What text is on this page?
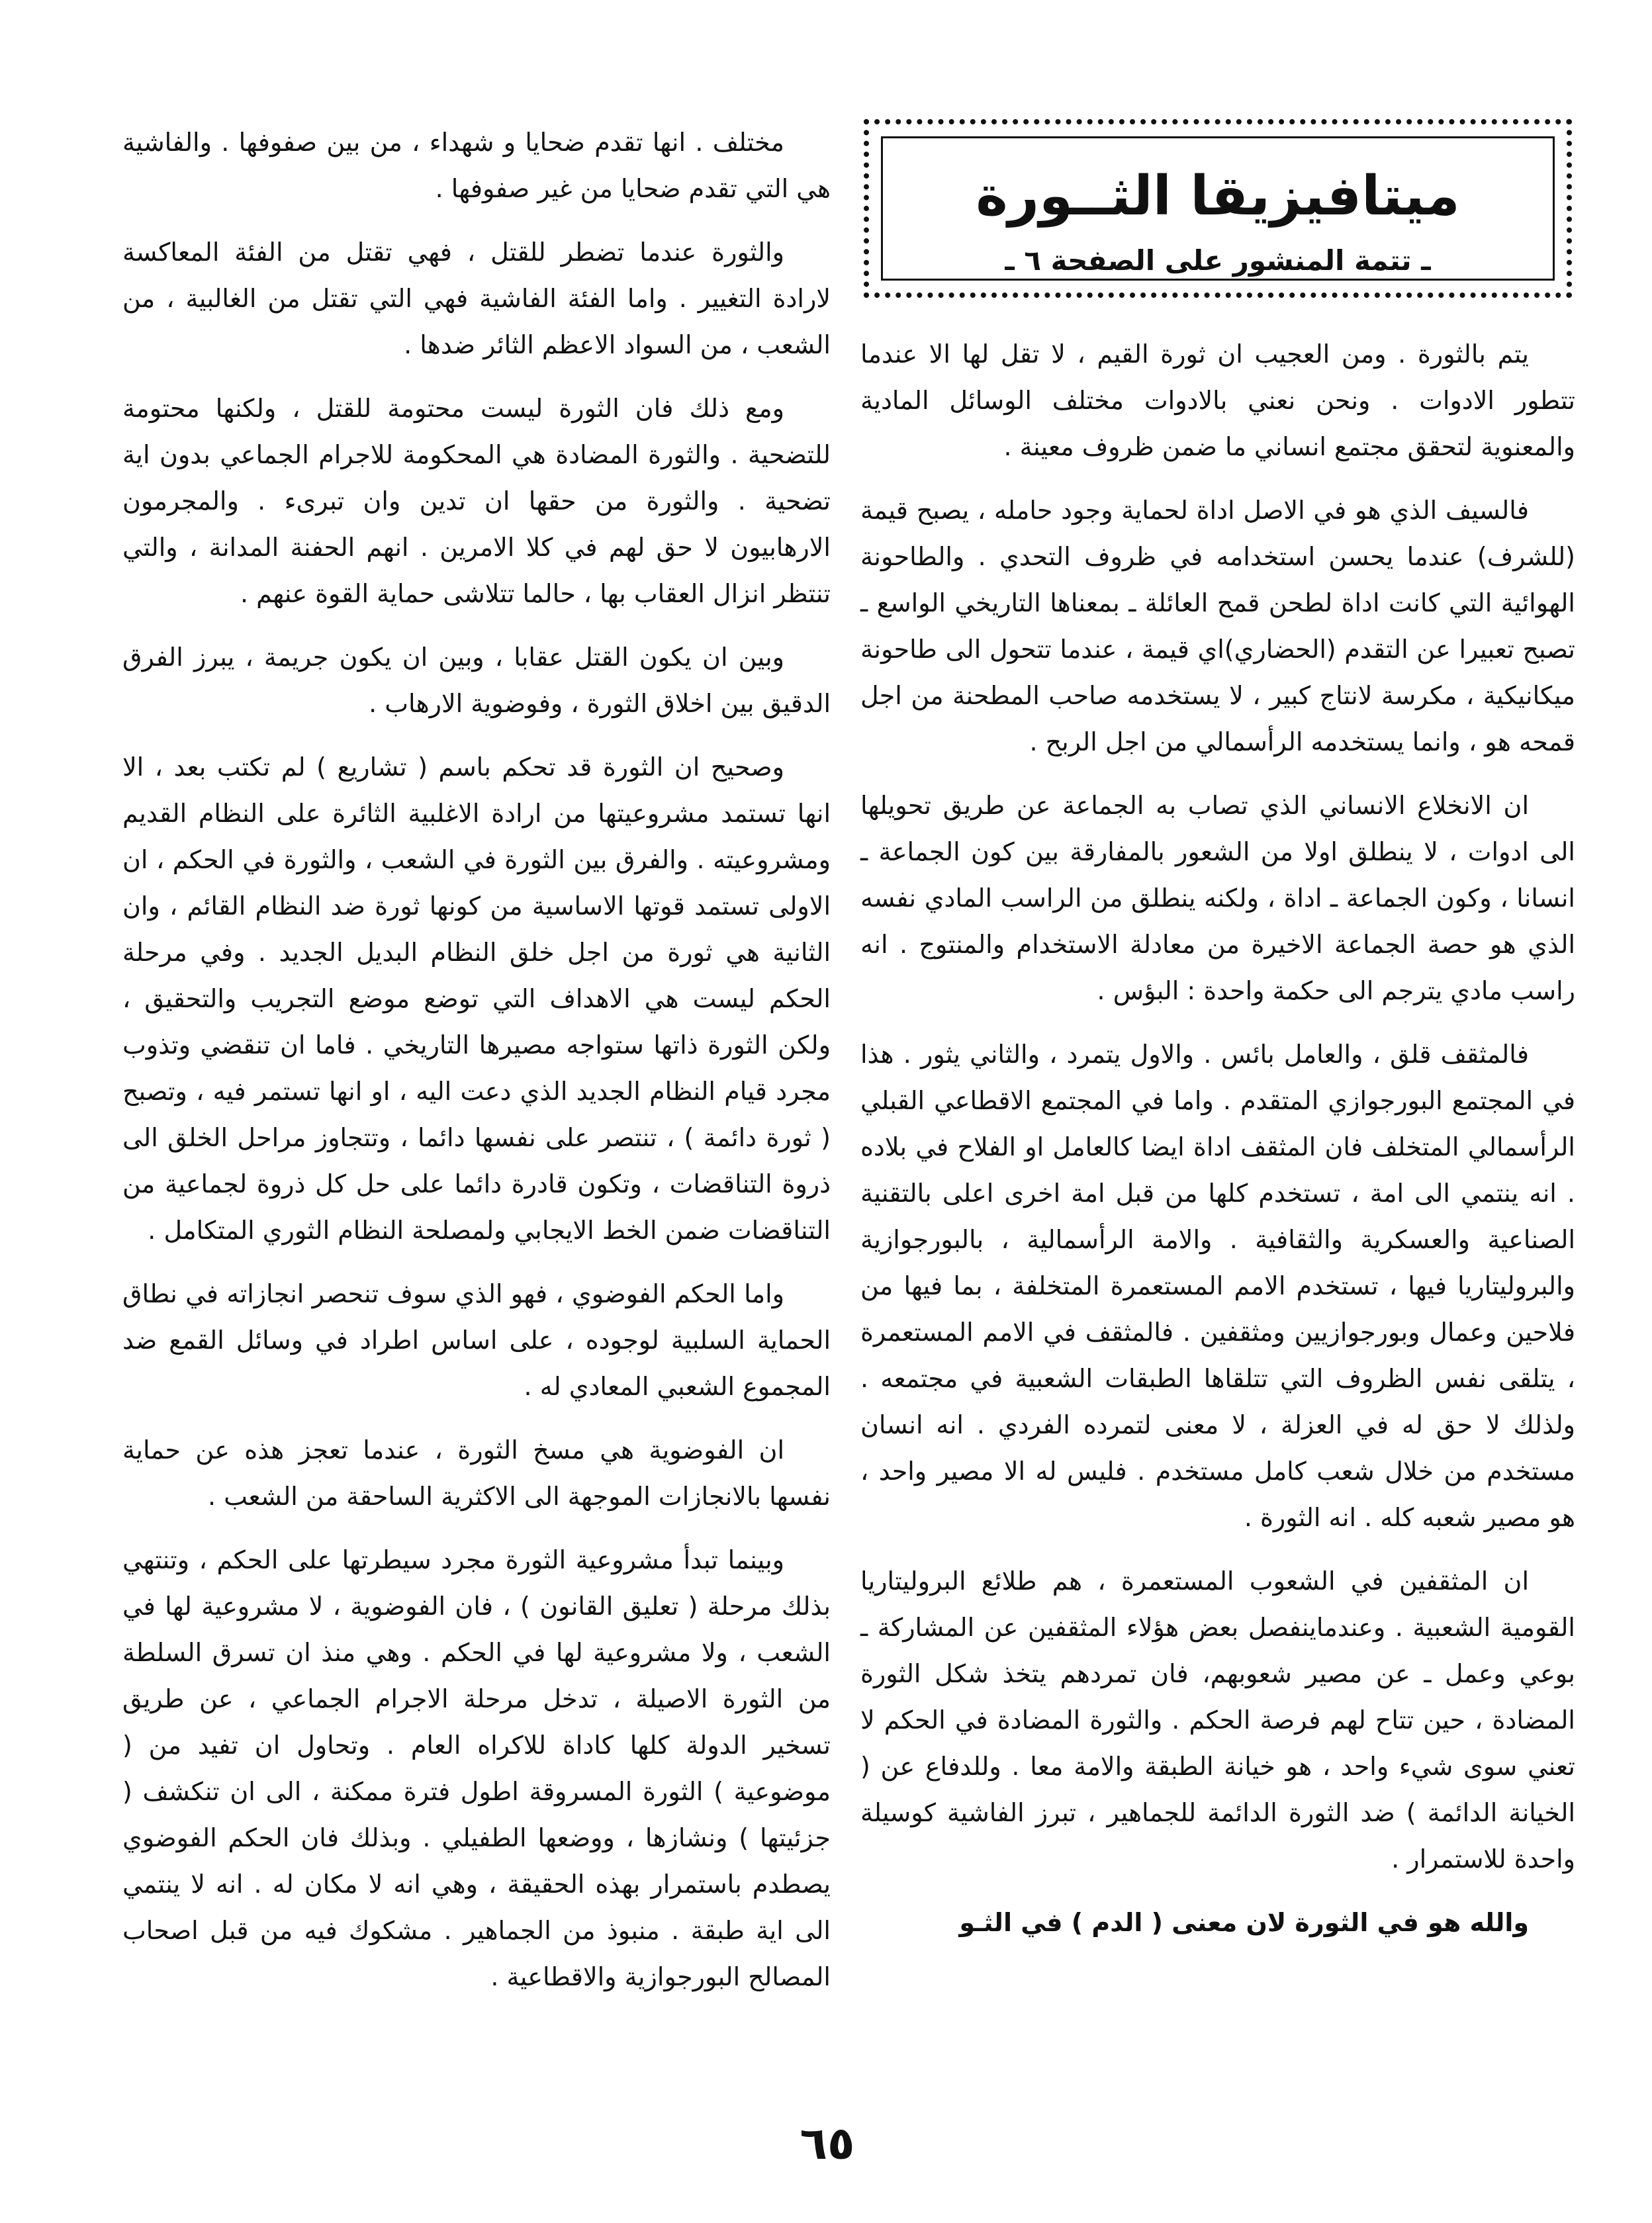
ميتافيزيقا الثــورة
ـ تتمة المنشور على الصفحة ٦ ـ

يتم بالثورة . ومن العجيب ان ثورة القيم ، لا تقل لها الا عندما تتطور الادوات . ونحن نعني بالادوات مختلف الوسائل المادية والمعنوية لتحقق مجتمع انساني ما ضمن ظروف معينة .

فالسيف الذي هو في الاصل اداة لحماية وجود حامله ، يصبح قيمة (للشرف) عندما يحسن استخدامه في ظروف التحدي . والطاحونة الهوائية التي كانت اداة لطحن قمح العائلة ـ بمعناها التاريخي الواسع ـ تصبح تعبيرا عن التقدم (الحضاري)اي قيمة ، عندما تتحول الى طاحونة ميكانيكية ، مكرسة لانتاج كبير ، لا يستخدمه صاحب المطحنة من اجل قمحه هو ، وانما يستخدمه الرأسمالي من اجل الربح .

ان الانخلاع الانساني الذي تصاب به الجماعة عن طريق تحويلها الى ادوات ، لا ينطلق اولا من الشعور بالمفارقة بين كون الجماعة ـ انسانا ، وكون الجماعة ـ اداة ، ولكنه ينطلق من الراسب المادي نفسه الذي هو حصة الجماعة الاخيرة من معادلة الاستخدام والمنتوج . انه راسب مادي يترجم الى حكمة واحدة : البؤس .

فالمثقف قلق ، والعامل بائس . والاول يتمرد ، والثاني يثور . هذا في المجتمع البورجوازي المتقدم . واما في المجتمع الاقطاعي القبلي الرأسمالي المتخلف فان المثقف اداة ايضا كالعامل او الفلاح في بلاده . انه ينتمي الى امة ، تستخدم كلها من قبل امة اخرى اعلى بالتقنية الصناعية والعسكرية والثقافية . والامة الرأسمالية ، بالبورجوازية والبروليتاريا فيها ، تستخدم الامم المستعمرة المتخلفة ، بما فيها من فلاحين وعمال وبورجوازيين ومثقفين . فالمثقف في الامم المستعمرة ، يتلقى نفس الظروف التي تتلقاها الطبقات الشعبية في مجتمعه . ولذلك لا حق له في العزلة ، لا معنى لتمرده الفردي . انه انسان مستخدم من خلال شعب كامل مستخدم . فليس له الا مصير واحد ، هو مصير شعبه كله . انه الثورة .

ان المثقفين في الشعوب المستعمرة ، هم طلائع البروليتاريا القومية الشعبية . وعندماينفصل بعض هؤلاء المثقفين عن المشاركة ـ بوعي وعمل ـ عن مصير شعوبهم، فان تمردهم يتخذ شكل الثورة المضادة ، حين تتاح لهم فرصة الحكم . والثورة المضادة في الحكم لا تعني سوى شيء واحد ، هو خيانة الطبقة والامة معا . وللدفاع عن ( الخيانة الدائمة ) ضد الثورة الدائمة للجماهير ، تبرز الفاشية كوسيلة واحدة للاستمرار .

والله هو في الثورة لان معنى ( الدم ) في الثـو

مختلف . انها تقدم ضحايا و شهداء ، من بين صفوفها . والفاشية هي التي تقدم ضحايا من غير صفوفها .

والثورة عندما تضطر للقتل ، فهي تقتل من الفئة المعاكسة لارادة التغيير . واما الفئة الفاشية فهي التي تقتل من الغالبية ، من الشعب ، من السواد الاعظم الثائر ضدها .

ومع ذلك فان الثورة ليست محتومة للقتل ، ولكنها محتومة للتضحية . والثورة المضادة هي المحكومة للاجرام الجماعي بدون اية تضحية . والثورة من حقها ان تدين وان تبرىء . والمجرمون الارهابيون لا حق لهم في كلا الامرين . انهم الحفنة المدانة ، والتي تنتظر انزال العقاب بها ، حالما تتلاشى حماية القوة عنهم .

وبين ان يكون القتل عقابا ، وبين ان يكون جريمة ، يبرز الفرق الدقيق بين اخلاق الثورة ، وفوضوية الارهاب .

وصحيح ان الثورة قد تحكم باسم ( تشاريع ) لم تكتب بعد ، الا انها تستمد مشروعيتها من ارادة الاغلبية الثائرة على النظام القديم ومشروعيته . والفرق بين الثورة في الشعب ، والثورة في الحكم ، ان الاولى تستمد قوتها الاساسية من كونها ثورة ضد النظام القائم ، وان الثانية هي ثورة من اجل خلق النظام البديل الجديد . وفي مرحلة الحكم ليست هي الاهداف التي توضع موضع التجريب والتحقيق ، ولكن الثورة ذاتها ستواجه مصيرها التاريخي . فاما ان تنقضي وتذوب مجرد قيام النظام الجديد الذي دعت اليه ، او انها تستمر فيه ، وتصبح ( ثورة دائمة ) ، تنتصر على نفسها دائما ، وتتجاوز مراحل الخلق الى ذروة التناقضات ، وتكون قادرة دائما على حل كل ذروة لجماعية من التناقضات ضمن الخط الايجابي ولمصلحة النظام الثوري المتكامل .

واما الحكم الفوضوي ، فهو الذي سوف تنحصر انجازاته في نطاق الحماية السلبية لوجوده ، على اساس اطراد في وسائل القمع ضد المجموع الشعبي المعادي له .

ان الفوضوية هي مسخ الثورة ، عندما تعجز هذه عن حماية نفسها بالانجازات الموجهة الى الاكثرية الساحقة من الشعب .

وبينما تبدأ مشروعية الثورة مجرد سيطرتها على الحكم ، وتنتهي بذلك مرحلة ( تعليق القانون ) ، فان الفوضوية ، لا مشروعية لها في الشعب ، ولا مشروعية لها في الحكم . وهي منذ ان تسرق السلطة من الثورة الاصيلة ، تدخل مرحلة الاجرام الجماعي ، عن طريق تسخير الدولة كلها كاداة للاكراه العام . وتحاول ان تفيد من ( موضوعية ) الثورة المسروقة اطول فترة ممكنة ، الى ان تنكشف ( جزئيتها ) ونشازها ، ووضعها الطفيلي . وبذلك فان الحكم الفوضوي يصطدم باستمرار بهذه الحقيقة ، وهي انه لا مكان له . انه لا ينتمي الى اية طبقة . منبوذ من الجماهير . مشكوك فيه من قبل اصحاب المصالح البورجوازية والاقطاعية .

٦٥
